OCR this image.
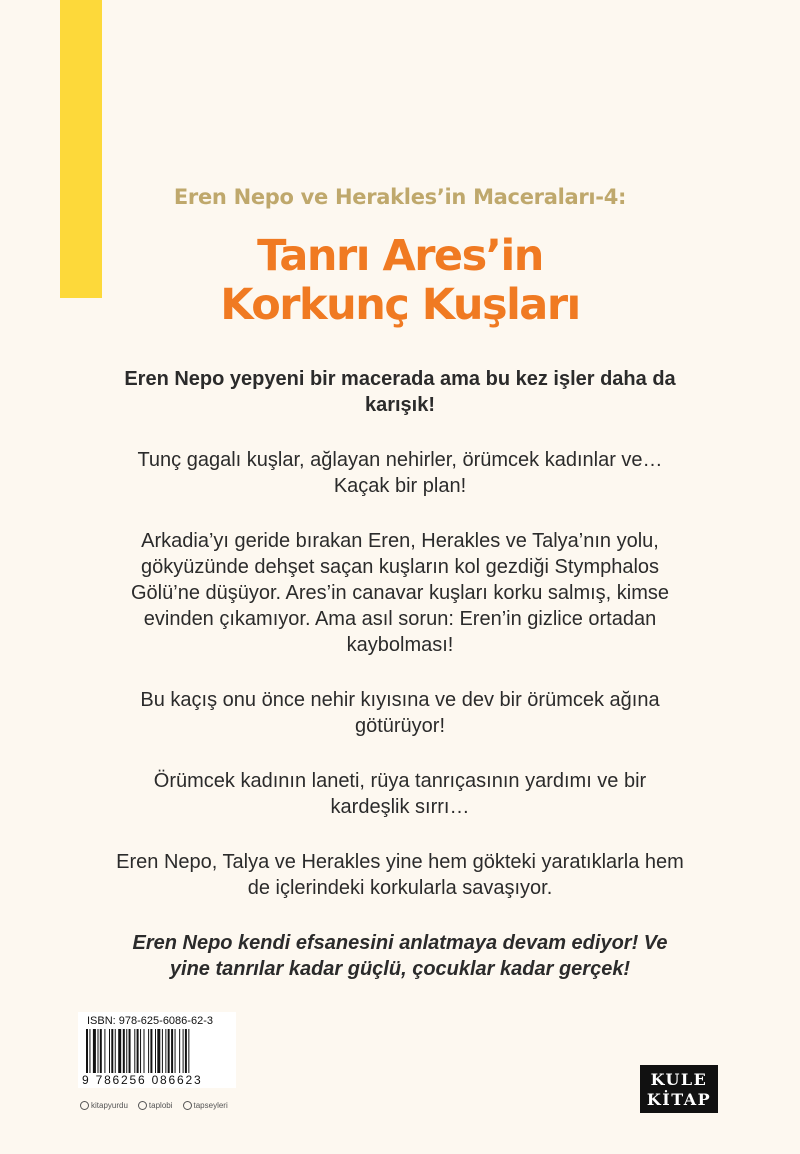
Eren Nepo ve Herakles’in Maceraları-4:
Tanrı Ares’in
Korkunç Kuşları

Eren Nepo yepyeni bir macerada ama bu kez işler daha da karışık!

Tunç gagalı kuşlar, ağlayan nehirler, örümcek kadınlar ve… Kaçak bir plan!

Arkadia’yı geride bırakan Eren, Herakles ve Talya’nın yolu, gökyüzünde dehşet saçan kuşların kol gezdiği Stymphalos Gölü’ne düşüyor. Ares’in canavar kuşları korku salmış, kimse evinden çıkamıyor. Ama asıl sorun: Eren’in gizlice ortadan kaybolması!

Bu kaçış onu önce nehir kıyısına ve dev bir örümcek ağına götürüyor!

Örümcek kadının laneti, rüya tanrıçasının yardımı ve bir kardeşlik sırrı…

Eren Nepo, Talya ve Herakles yine hem gökteki yaratıklarla hem de içlerindeki korkularla savaşıyor.

Eren Nepo kendi efsanesini anlatmaya devam ediyor! Ve yine tanrılar kadar güçlü, çocuklar kadar gerçek!

ISBN: 978-625-6086-62-3
9 786256 086623
kitapyurdu	taplobi	tapseyleri
KULE
KİTAP
